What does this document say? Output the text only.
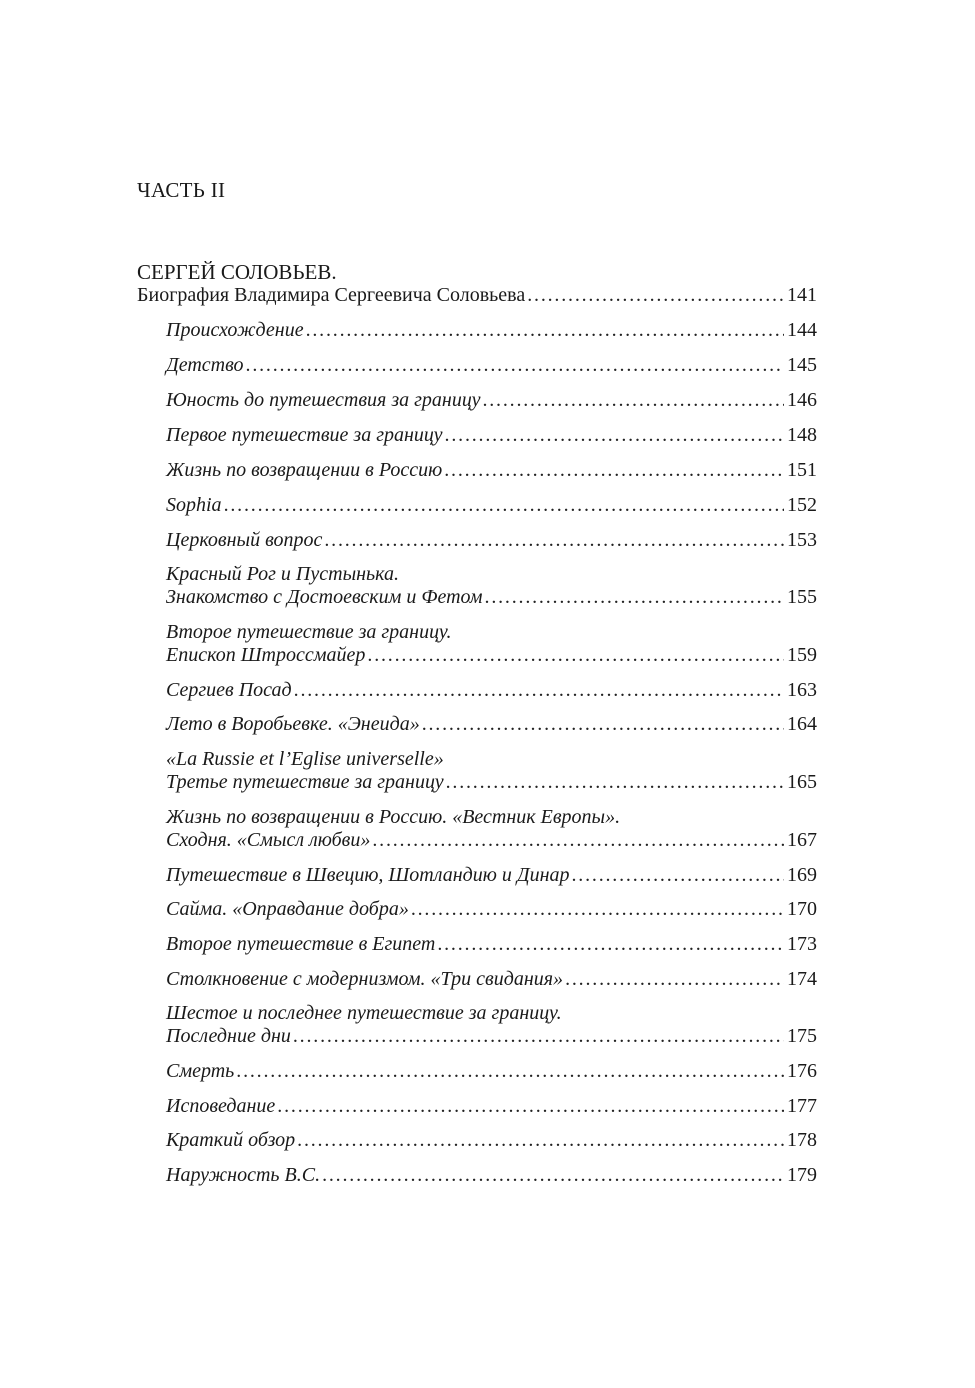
ЧАСТЬ II
СЕРГЕЙ СОЛОВЬЕВ.
Биография Владимира Сергеевича Соловьева . . .	141
Происхождение . . .	144
Детство . . .	145
Юность до путешествия за границу . . .	146
Первое путешествие за границу . . .	148
Жизнь по возвращении в Россию . . .	151
Sophia . . .	152
Церковный вопрос . . .	153
Красный Рог и Пустынька.
Знакомство с Достоевским и Фетом . . .	155
Второе путешествие за границу.
Епископ Штроссмайер . . .	159
Сергиев Посад . . .	163
Лето в Воробьевке. «Энеида» . . .	164
«La Russie et l’Eglise universelle»
Третье путешествие за границу . . .	165
Жизнь по возвращении в Россию. «Вестник Европы».
Сходня. «Смысл любви» . . .	167
Путешествие в Швецию, Шотландию и Динар . . .	169
Сайма. «Оправдание добра» . . .	170
Второе путешествие в Египет . . .	173
Столкновение с модернизмом. «Три свидания» . . .	174
Шестое и последнее путешествие за границу.
Последние дни . . .	175
Смерть . . .	176
Исповедание . . .	177
Краткий обзор . . .	178
Наружность В.С. . . .	179
